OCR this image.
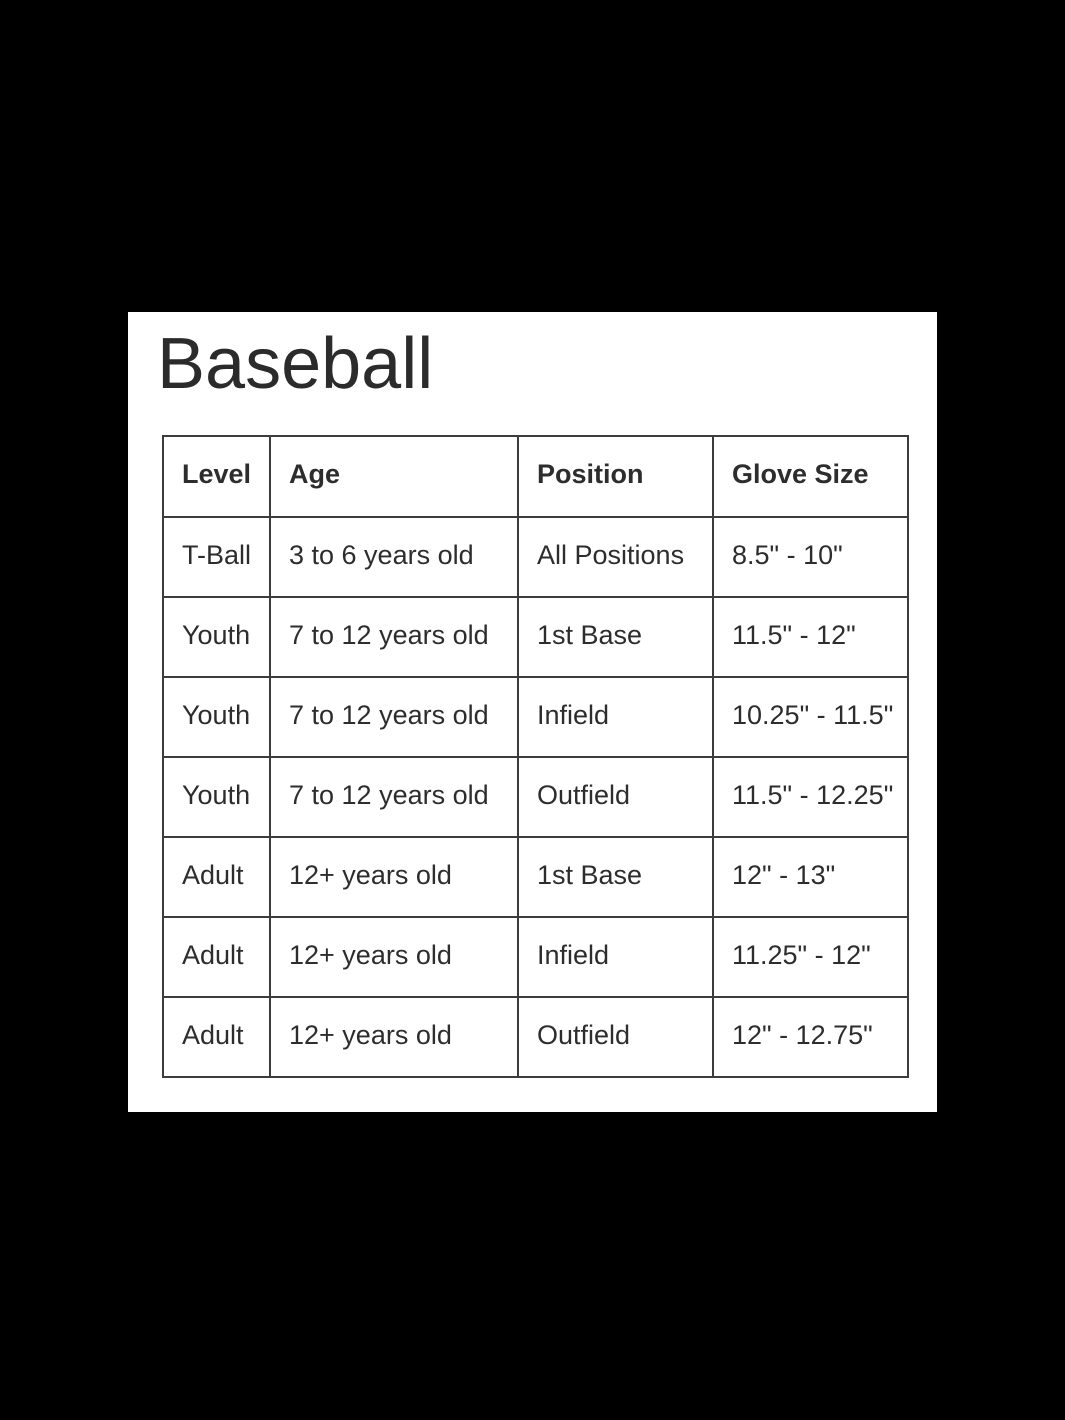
Baseball
Level	Age	Position	Glove Size
T-Ball	3 to 6 years old	All Positions	8.5" - 10"
Youth	7 to 12 years old	1st Base	11.5" - 12"
Youth	7 to 12 years old	Infield	10.25" - 11.5"
Youth	7 to 12 years old	Outfield	11.5" - 12.25"
Adult	12+ years old	1st Base	12" - 13"
Adult	12+ years old	Infield	11.25" - 12"
Adult	12+ years old	Outfield	12" - 12.75"
